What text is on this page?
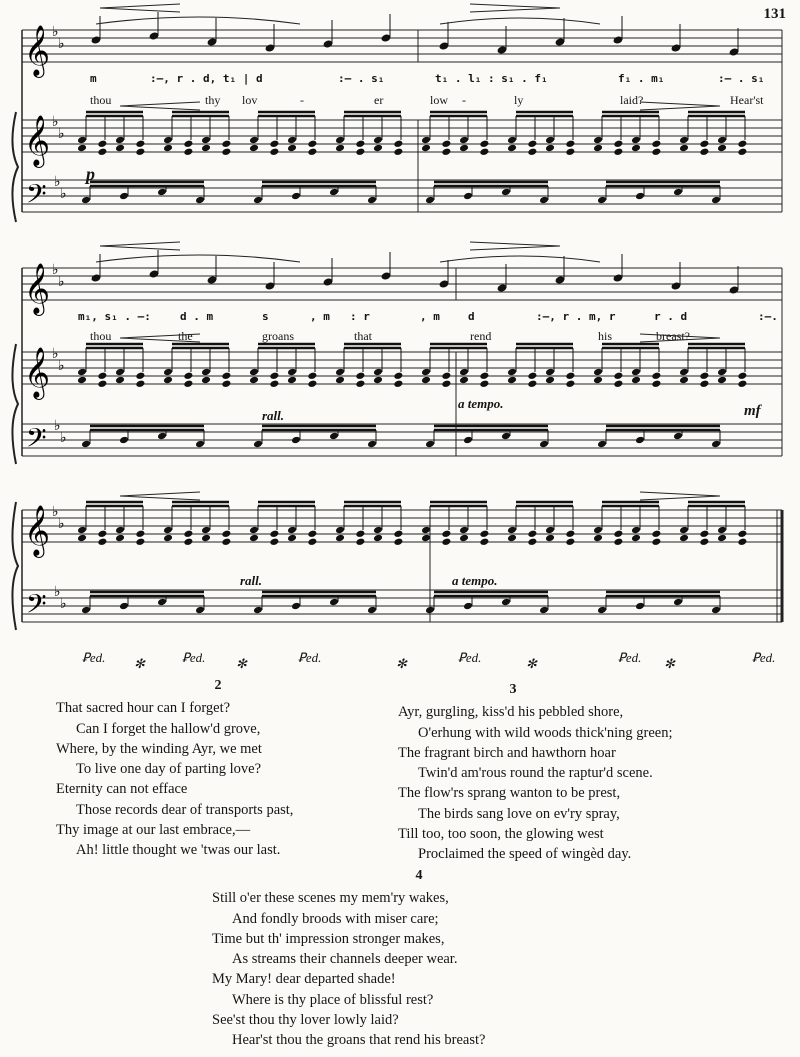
131
𝄞 ♭
♭
𝄞 ♭
♭
𝄢 ♭
♭
𝄞 ♭
♭
𝄞 ♭
♭
𝄢 ♭
♭
𝄞 ♭
♭
𝄢 ♭
♭
m	:—, r . d, t₁ | d	:— . s₁	t₁ . l₁ : s₁ . f₁	f₁ . m₁	:— . s₁
thou	thy lov	-	er	low -	ly	laid?	Hear'st
p
m₁, s₁ . —:	d . m	s	, m : r	, m	d	:—, r . m, r	r . d	:—.
thou	the	groans	that	rend	his	breast?
rall.
a tempo.	mf
rall.	a tempo.
Ꝑed. ✻	Ꝑed. ✻	Ꝑed.	✻	Ꝑed.	✻	Ꝑed. ✻	Ꝑed.
2
That sacred hour can I forget?
Can I forget the hallow'd grove,
Where, by the winding Ayr, we met
To live one day of parting love?
Eternity can not efface
Those records dear of transports past,
Thy image at our last embrace,—
Ah! little thought we 'twas our last.
3
Ayr, gurgling, kiss'd his pebbled shore,
O'erhung with wild woods thick'ning green;
The fragrant birch and hawthorn hoar
Twin'd am'rous round the raptur'd scene.
The flow'rs sprang wanton to be prest,
The birds sang love on ev'ry spray,
Till too, too soon, the glowing west
Proclaimed the speed of wingèd day.
4
Still o'er these scenes my mem'ry wakes,
And fondly broods with miser care;
Time but th' impression stronger makes,
As streams their channels deeper wear.
My Mary! dear departed shade!
Where is thy place of blissful rest?
See'st thou thy lover lowly laid?
Hear'st thou the groans that rend his breast?
